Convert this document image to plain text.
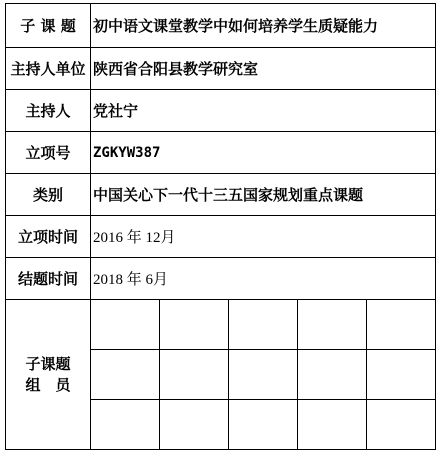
子 课 题	初中语文课堂教学中如何培养学生质疑能力
主持人单位	陕西省合阳县教学研究室
主持人	党社宁
立项号	ZGKYW387
类别	中国关心下一代十三五国家规划重点课题
立项时间	2016 年 12月
结题时间	2018 年 6月

子课题
组　员
